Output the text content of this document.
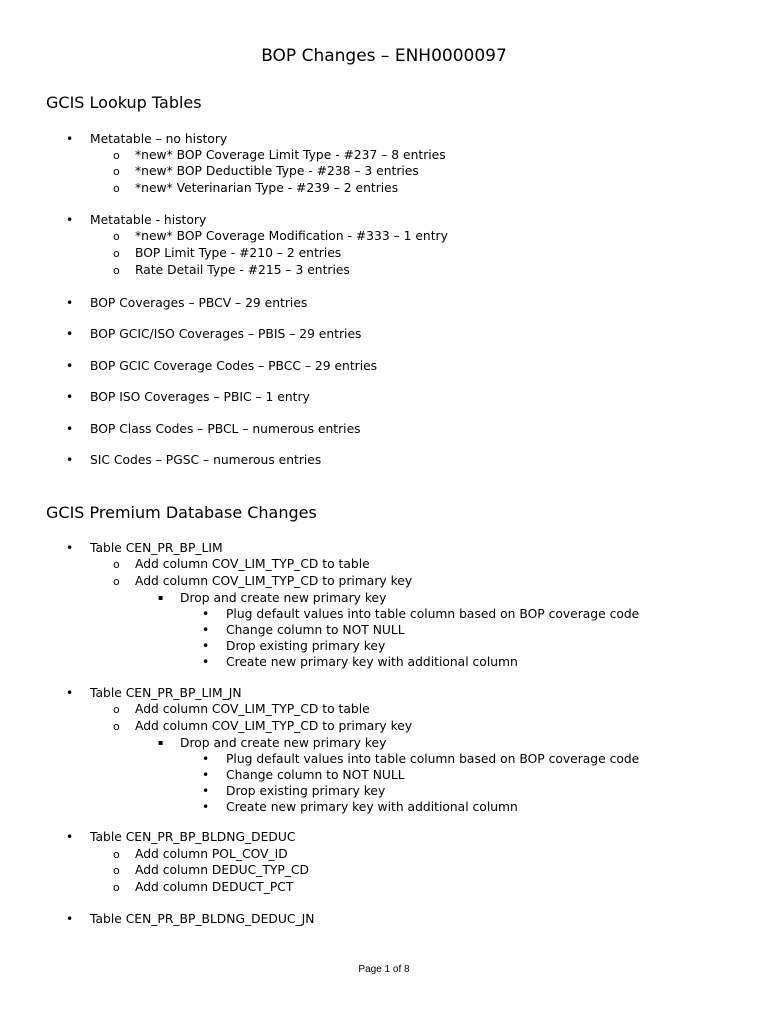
BOP Changes – ENH0000097
GCIS Lookup Tables
• Metatable – no history
o *new* BOP Coverage Limit Type - #237 – 8 entries
o *new* BOP Deductible Type - #238 – 3 entries
o *new* Veterinarian Type - #239 – 2 entries
• Metatable - history
o *new* BOP Coverage Modification - #333 – 1 entry
o BOP Limit Type - #210 – 2 entries
o Rate Detail Type - #215 – 3 entries
• BOP Coverages – PBCV – 29 entries
• BOP GCIC/ISO Coverages – PBIS – 29 entries
• BOP GCIC Coverage Codes – PBCC – 29 entries
• BOP ISO Coverages – PBIC – 1 entry
• BOP Class Codes – PBCL – numerous entries
• SIC Codes – PGSC – numerous entries
GCIS Premium Database Changes
• Table CEN_PR_BP_LIM
o Add column COV_LIM_TYP_CD to table
o Add column COV_LIM_TYP_CD to primary key
▪ Drop and create new primary key
• Plug default values into table column based on BOP coverage code
• Change column to NOT NULL
• Drop existing primary key
• Create new primary key with additional column
• Table CEN_PR_BP_LIM_JN
o Add column COV_LIM_TYP_CD to table
o Add column COV_LIM_TYP_CD to primary key
▪ Drop and create new primary key
• Plug default values into table column based on BOP coverage code
• Change column to NOT NULL
• Drop existing primary key
• Create new primary key with additional column
• Table CEN_PR_BP_BLDNG_DEDUC
o Add column POL_COV_ID
o Add column DEDUC_TYP_CD
o Add column DEDUCT_PCT
• Table CEN_PR_BP_BLDNG_DEDUC_JN
Page 1 of 8
